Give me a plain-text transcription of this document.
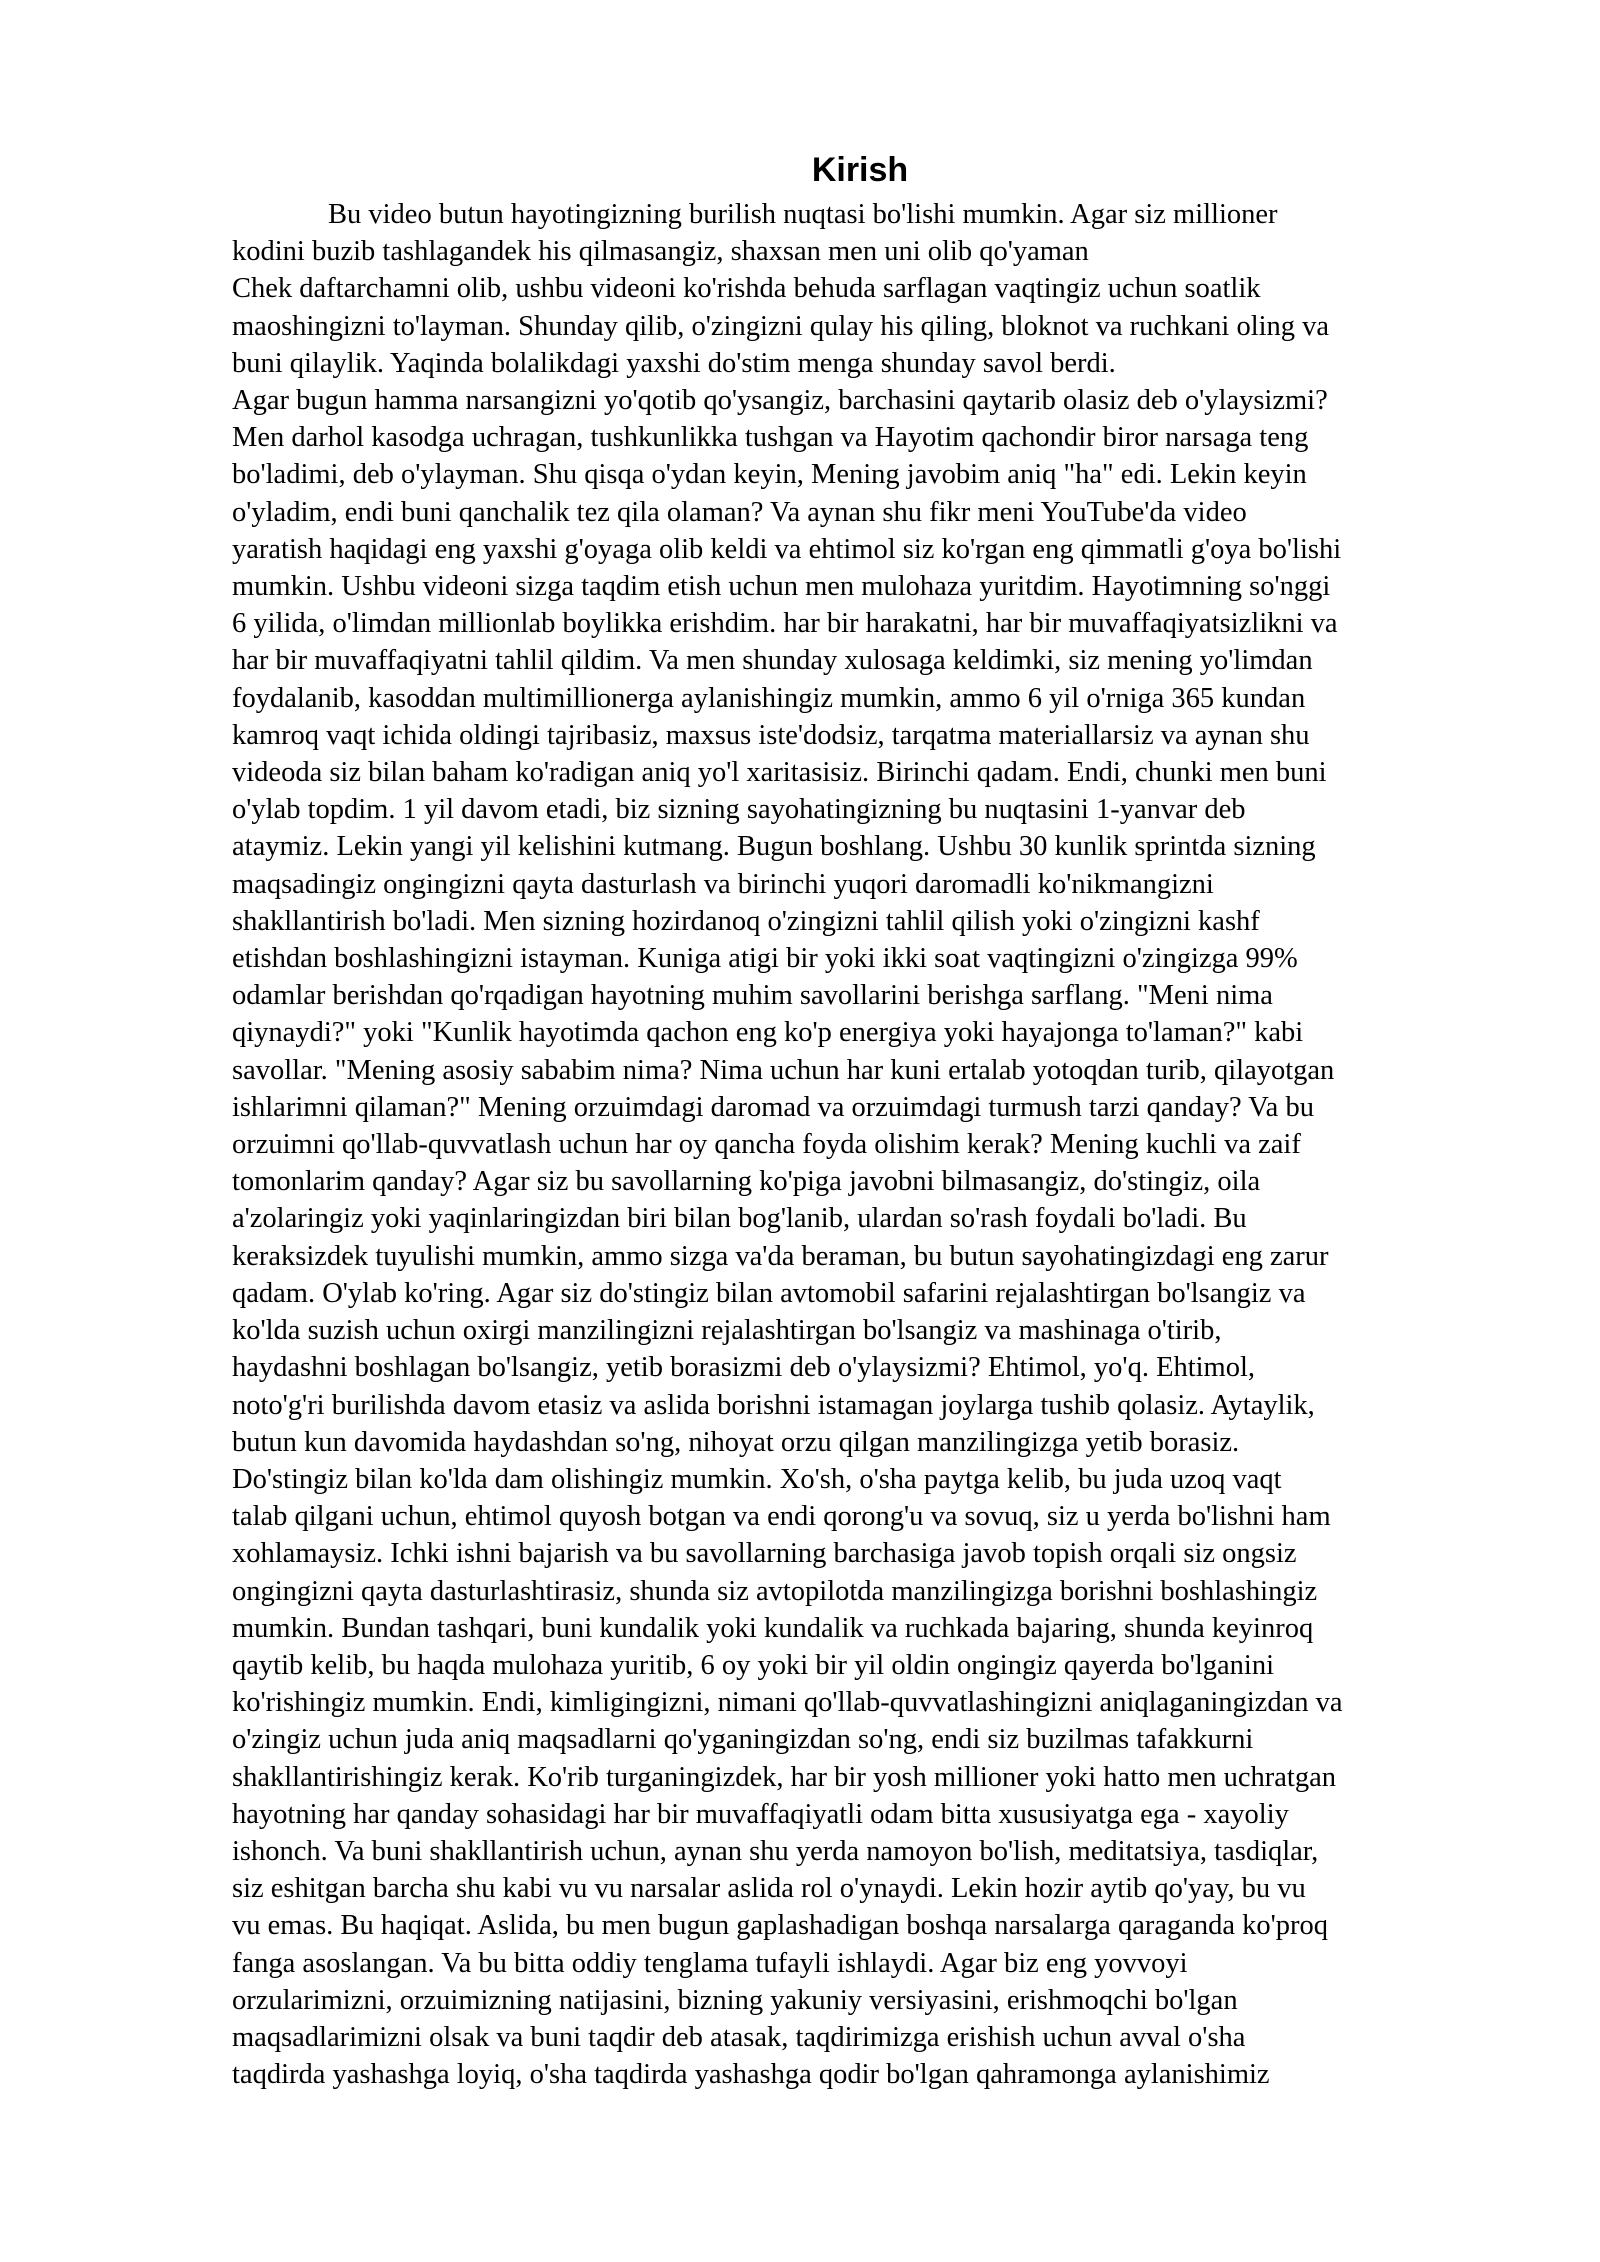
Kirish
Bu video butun hayotingizning burilish nuqtasi bo'lishi mumkin. Agar siz millioner
kodini buzib tashlagandek his qilmasangiz, shaxsan men uni olib qo'yaman
Chek daftarchamni olib, ushbu videoni ko'rishda behuda sarflagan vaqtingiz uchun soatlik
maoshingizni to'layman. Shunday qilib, o'zingizni qulay his qiling, bloknot va ruchkani oling va
buni qilaylik. Yaqinda bolalikdagi yaxshi do'stim menga shunday savol berdi.
Agar bugun hamma narsangizni yo'qotib qo'ysangiz, barchasini qaytarib olasiz deb o'ylaysizmi?
Men darhol kasodga uchragan, tushkunlikka tushgan va Hayotim qachondir biror narsaga teng
bo'ladimi, deb o'ylayman. Shu qisqa o'ydan keyin, Mening javobim aniq "ha" edi. Lekin keyin
o'yladim, endi buni qanchalik tez qila olaman? Va aynan shu fikr meni YouTube'da video
yaratish haqidagi eng yaxshi g'oyaga olib keldi va ehtimol siz ko'rgan eng qimmatli g'oya bo'lishi
mumkin. Ushbu videoni sizga taqdim etish uchun men mulohaza yuritdim. Hayotimning so'nggi
6 yilida, o'limdan millionlab boylikka erishdim. har bir harakatni, har bir muvaffaqiyatsizlikni va
har bir muvaffaqiyatni tahlil qildim. Va men shunday xulosaga keldimki, siz mening yo'limdan
foydalanib, kasoddan multimillionerga aylanishingiz mumkin, ammo 6 yil o'rniga 365 kundan
kamroq vaqt ichida oldingi tajribasiz, maxsus iste'dodsiz, tarqatma materiallarsiz va aynan shu
videoda siz bilan baham ko'radigan aniq yo'l xaritasisiz. Birinchi qadam. Endi, chunki men buni
o'ylab topdim. 1 yil davom etadi, biz sizning sayohatingizning bu nuqtasini 1-yanvar deb
ataymiz. Lekin yangi yil kelishini kutmang. Bugun boshlang. Ushbu 30 kunlik sprintda sizning
maqsadingiz ongingizni qayta dasturlash va birinchi yuqori daromadli ko'nikmangizni
shakllantirish bo'ladi. Men sizning hozirdanoq o'zingizni tahlil qilish yoki o'zingizni kashf
etishdan boshlashingizni istayman. Kuniga atigi bir yoki ikki soat vaqtingizni o'zingizga 99%
odamlar berishdan qo'rqadigan hayotning muhim savollarini berishga sarflang. "Meni nima
qiynaydi?" yoki "Kunlik hayotimda qachon eng ko'p energiya yoki hayajonga to'laman?" kabi
savollar. "Mening asosiy sababim nima? Nima uchun har kuni ertalab yotoqdan turib, qilayotgan
ishlarimni qilaman?" Mening orzuimdagi daromad va orzuimdagi turmush tarzi qanday? Va bu
orzuimni qo'llab-quvvatlash uchun har oy qancha foyda olishim kerak? Mening kuchli va zaif
tomonlarim qanday? Agar siz bu savollarning ko'piga javobni bilmasangiz, do'stingiz, oila
a'zolaringiz yoki yaqinlaringizdan biri bilan bog'lanib, ulardan so'rash foydali bo'ladi. Bu
keraksizdek tuyulishi mumkin, ammo sizga va'da beraman, bu butun sayohatingizdagi eng zarur
qadam. O'ylab ko'ring. Agar siz do'stingiz bilan avtomobil safarini rejalashtirgan bo'lsangiz va
ko'lda suzish uchun oxirgi manzilingizni rejalashtirgan bo'lsangiz va mashinaga o'tirib,
haydashni boshlagan bo'lsangiz, yetib borasizmi deb o'ylaysizmi? Ehtimol, yo'q. Ehtimol,
noto'g'ri burilishda davom etasiz va aslida borishni istamagan joylarga tushib qolasiz. Aytaylik,
butun kun davomida haydashdan so'ng, nihoyat orzu qilgan manzilingizga yetib borasiz.
Do'stingiz bilan ko'lda dam olishingiz mumkin. Xo'sh, o'sha paytga kelib, bu juda uzoq vaqt
talab qilgani uchun, ehtimol quyosh botgan va endi qorong'u va sovuq, siz u yerda bo'lishni ham
xohlamaysiz. Ichki ishni bajarish va bu savollarning barchasiga javob topish orqali siz ongsiz
ongingizni qayta dasturlashtirasiz, shunda siz avtopilotda manzilingizga borishni boshlashingiz
mumkin. Bundan tashqari, buni kundalik yoki kundalik va ruchkada bajaring, shunda keyinroq
qaytib kelib, bu haqda mulohaza yuritib, 6 oy yoki bir yil oldin ongingiz qayerda bo'lganini
ko'rishingiz mumkin. Endi, kimligingizni, nimani qo'llab-quvvatlashingizni aniqlaganingizdan va
o'zingiz uchun juda aniq maqsadlarni qo'yganingizdan so'ng, endi siz buzilmas tafakkurni
shakllantirishingiz kerak. Ko'rib turganingizdek, har bir yosh millioner yoki hatto men uchratgan
hayotning har qanday sohasidagi har bir muvaffaqiyatli odam bitta xususiyatga ega - xayoliy
ishonch. Va buni shakllantirish uchun, aynan shu yerda namoyon bo'lish, meditatsiya, tasdiqlar,
siz eshitgan barcha shu kabi vu vu narsalar aslida rol o'ynaydi. Lekin hozir aytib qo'yay, bu vu
vu emas. Bu haqiqat. Aslida, bu men bugun gaplashadigan boshqa narsalarga qaraganda ko'proq
fanga asoslangan. Va bu bitta oddiy tenglama tufayli ishlaydi. Agar biz eng yovvoyi
orzularimizni, orzuimizning natijasini, bizning yakuniy versiyasini, erishmoqchi bo'lgan
maqsadlarimizni olsak va buni taqdir deb atasak, taqdirimizga erishish uchun avval o'sha
taqdirda yashashga loyiq, o'sha taqdirda yashashga qodir bo'lgan qahramonga aylanishimiz
